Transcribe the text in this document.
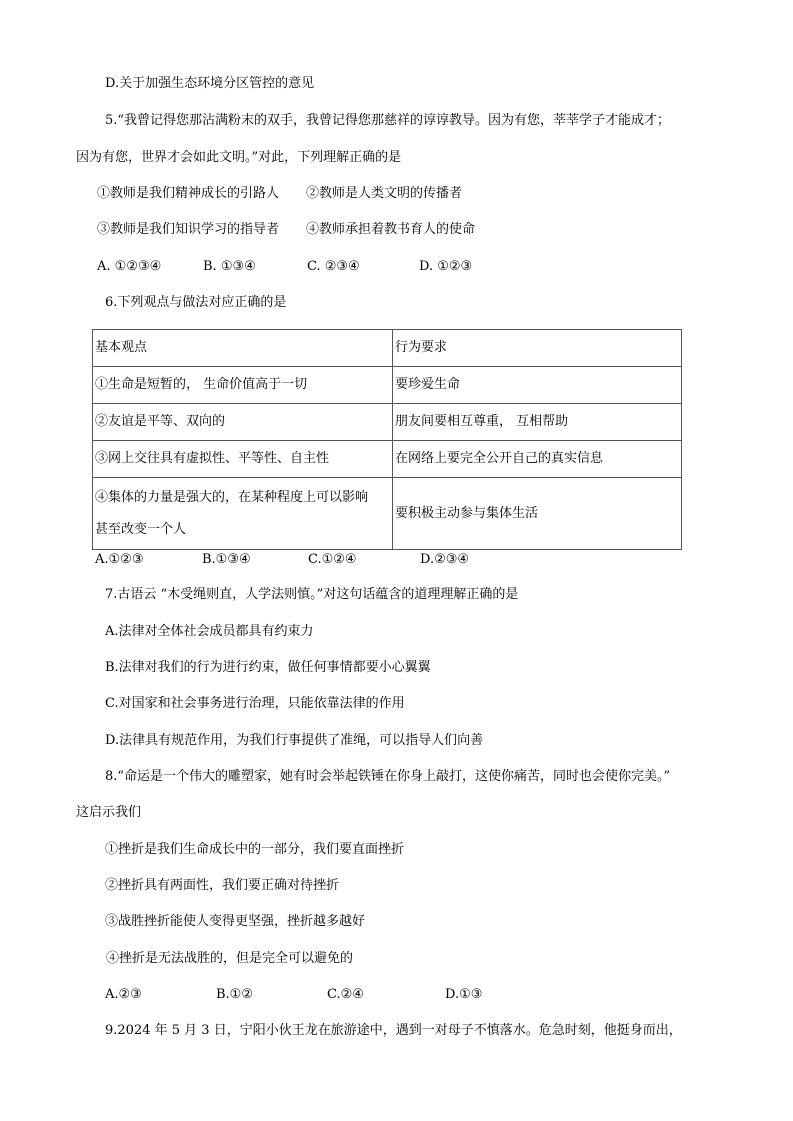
D.关于加强生态环境分区管控的意见
5.“我曾记得您那沾满粉末的双手，我曾记得您那慈祥的谆谆教导。因为有您，莘莘学子才能成才；
因为有您，世界才会如此文明。”对此，下列理解正确的是
①教师是我们精神成长的引路人 ②教师是人类文明的传播者
③教师是我们知识学习的指导者 ④教师承担着教书育人的使命
A. ①②③④	B. ①③④	C. ②③④	D. ①②③
6.下列观点与做法对应正确的是
基本观点	行为要求
①生命是短暂的， 生命价值高于一切	要珍爱生命
②友谊是平等、双向的	朋友间要相互尊重， 互相帮助
③网上交往具有虚拟性、平等性、自主性	在网络上要完全公开自己的真实信息

④集体的力量是强大的，在某种程度上可以影响
甚至改变一个人	要积极主动参与集体生活
A.①②③	B.①③④	C.①②④	D.②③④
7.古语云 “木受绳则直，人学法则慎。”对这句话蕴含的道理理解正确的是
A.法律对全体社会成员都具有约束力
B.法律对我们的行为进行约束，做任何事情都要小心翼翼
C.对国家和社会事务进行治理，只能依靠法律的作用
D.法律具有规范作用，为我们行事提供了准绳，可以指导人们向善
8.“命运是一个伟大的雕塑家，她有时会举起铁锤在你身上敲打，这使你痛苦，同时也会使你完美。”
这启示我们
①挫折是我们生命成长中的一部分，我们要直面挫折
②挫折具有两面性，我们要正确对待挫折
③战胜挫折能使人变得更坚强，挫折越多越好
④挫折是无法战胜的，但是完全可以避免的
A.②③	B.①②	C.②④	D.①③
9.2024 年 5 月 3 日，宁阳小伙王龙在旅游途中，遇到一对母子不慎落水。危急时刻，他挺身而出，
